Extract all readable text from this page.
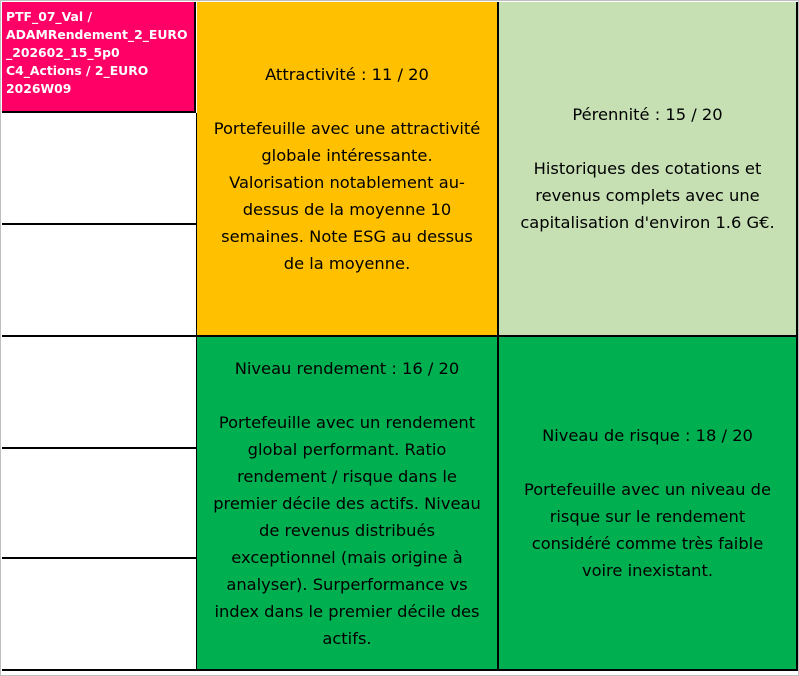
PTF_07_Val /
ADAMRendement_2_EURO
_202602_15_5p0
C4_Actions / 2_EURO
2026W09
Attractivité : 11 / 20
Portefeuille avec une attractivité
globale intéressante.
Valorisation notablement au-
dessus de la moyenne 10
semaines. Note ESG au dessus
de la moyenne.
Pérennité : 15 / 20
Historiques des cotations et
revenus complets avec une
capitalisation d'environ 1.6 G€.
Niveau rendement : 16 / 20
Portefeuille avec un rendement
global performant. Ratio
rendement / risque dans le
premier décile des actifs. Niveau
de revenus distribués
exceptionnel (mais origine à
analyser). Surperformance vs
index dans le premier décile des
actifs.
Niveau de risque : 18 / 20
Portefeuille avec un niveau de
risque sur le rendement
considéré comme très faible
voire inexistant.
